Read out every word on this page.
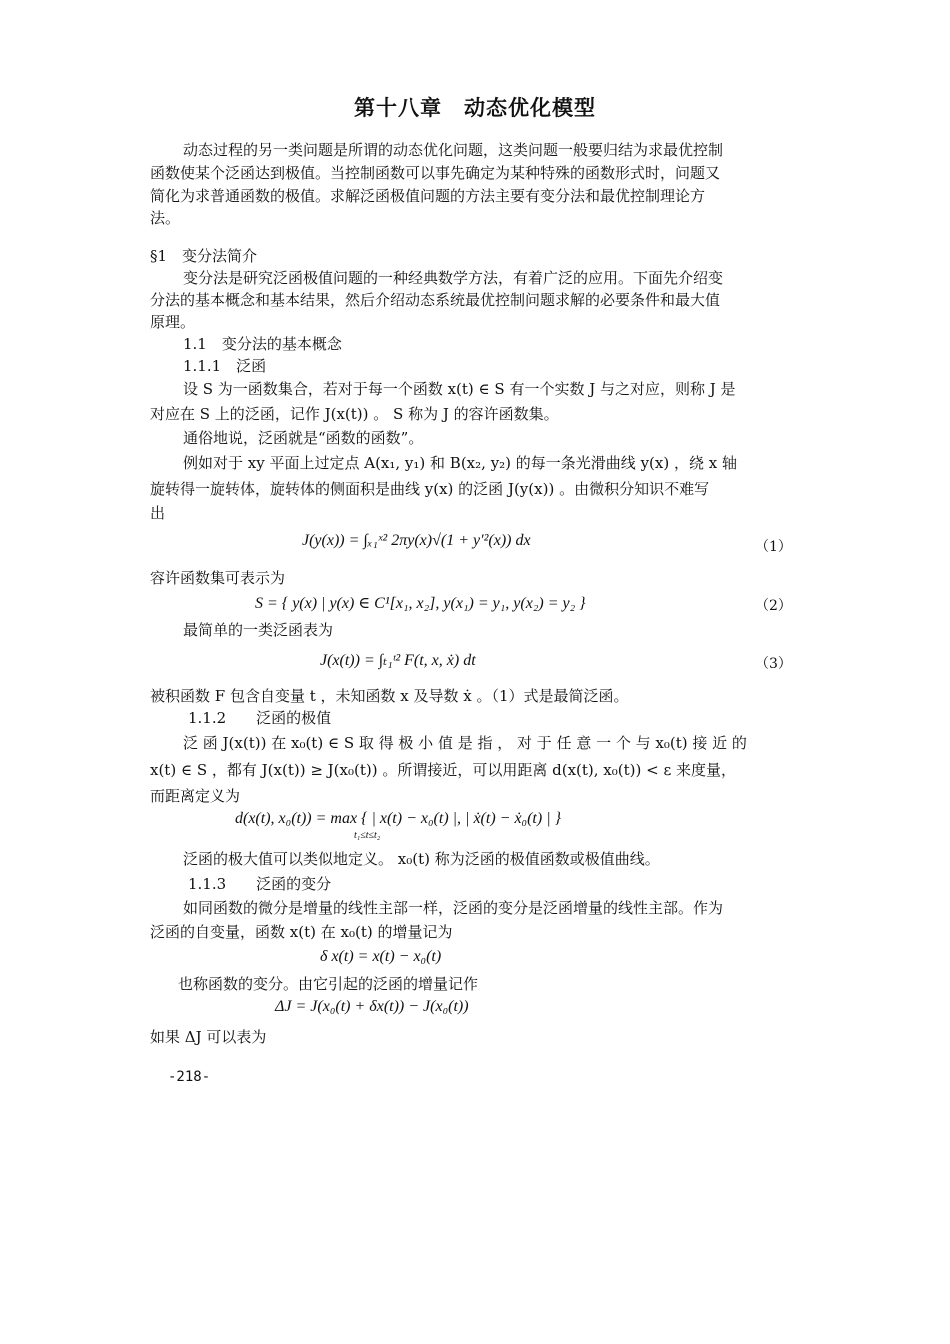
第十八章　动态优化模型
动态过程的另一类问题是所谓的动态优化问题，这类问题一般要归结为求最优控制
函数使某个泛函达到极值。当控制函数可以事先确定为某种特殊的函数形式时，问题又
简化为求普通函数的极值。求解泛函极值问题的方法主要有变分法和最优控制理论方
法。
§1　变分法简介
变分法是研究泛函极值问题的一种经典数学方法，有着广泛的应用。下面先介绍变
分法的基本概念和基本结果，然后介绍动态系统最优控制问题求解的必要条件和最大值
原理。
1.1　变分法的基本概念
1.1.1　泛函
设 S 为一函数集合，若对于每一个函数 x(t) ∈ S 有一个实数 J 与之对应，则称 J 是
对应在 S 上的泛函，记作 J(x(t)) 。 S 称为 J 的容许函数集。
通俗地说，泛函就是“函数的函数”。
例如对于 xy 平面上过定点 A(x₁, y₁) 和 B(x₂, y₂) 的每一条光滑曲线 y(x) ，绕 x 轴
旋转得一旋转体，旋转体的侧面积是曲线 y(x) 的泛函 J(y(x)) 。由微积分知识不难写
出
J(y(x)) = ∫ₓ₁ˣ² 2πy(x)√(1 + y′²(x)) dx	（1）
容许函数集可表示为
S = { y(x) | y(x) ∈ C¹[x₁, x₂], y(x₁) = y₁, y(x₂) = y₂ }	（2）
最简单的一类泛函表为
J(x(t)) = ∫ₜ₁ᵗ² F(t, x, ẋ) dt	（3）
被积函数 F 包含自变量 t ，未知函数 x 及导数 ẋ 。（1）式是最简泛函。
1.1.2　　泛函的极值
泛 函 J(x(t)) 在 x₀(t) ∈ S 取 得 极 小 值 是 指 ， 对 于 任 意 一 个 与 x₀(t) 接 近 的
x(t) ∈ S ，都有 J(x(t)) ≥ J(x₀(t)) 。所谓接近，可以用距离 d(x(t), x₀(t)) < ε 来度量，
而距离定义为
d(x(t), x₀(t)) = max { | x(t) − x₀(t) |, | ẋ(t) − ẋ₀(t) | }
t₁≤t≤t₂
泛函的极大值可以类似地定义。 x₀(t) 称为泛函的极值函数或极值曲线。
1.1.3　　泛函的变分
如同函数的微分是增量的线性主部一样，泛函的变分是泛函增量的线性主部。作为
泛函的自变量，函数 x(t) 在 x₀(t) 的增量记为
δ x(t) = x(t) − x₀(t)
也称函数的变分。由它引起的泛函的增量记作
ΔJ = J(x₀(t) + δx(t)) − J(x₀(t))
如果 ΔJ 可以表为
-218-
